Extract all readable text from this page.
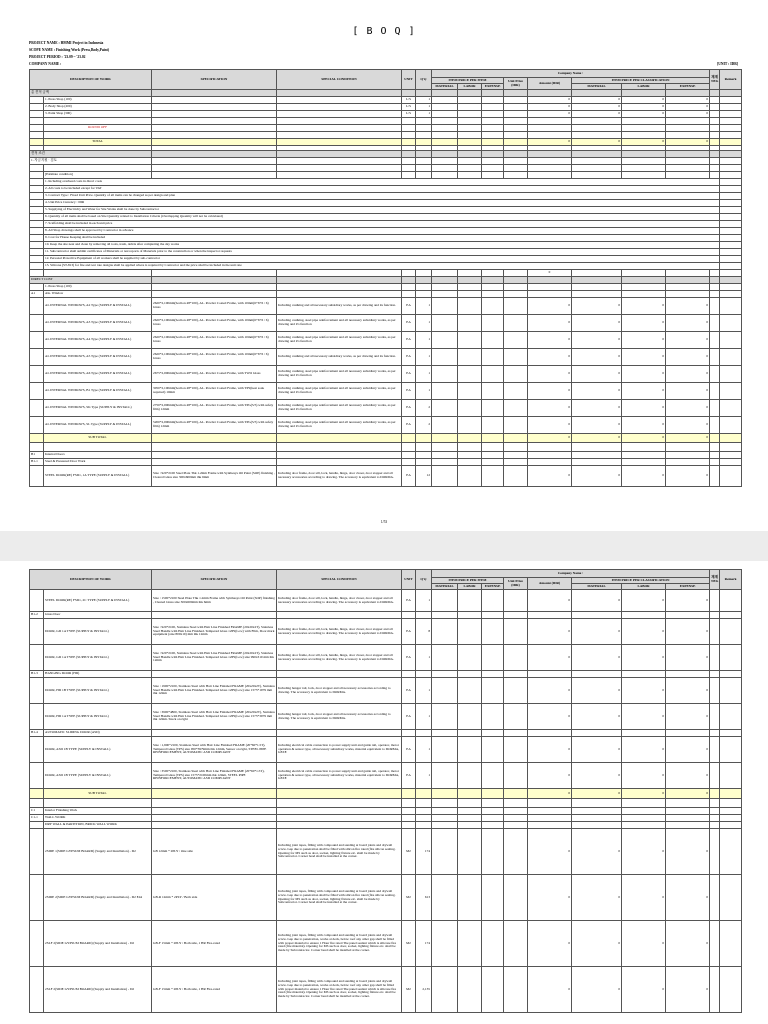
[ B O Q ]
PROJECT NAME : HMMI Project in Indonesia
SCOPE NAME : Finishing Work (Press,Body,Paint)
PROJECT PERIOD : '23.09 ~ '23.02
COMPANY NAME :	[UNIT : IDR]
DESCRIPTION OF WORK		SPECIFICATION	SPECIAL CONDITION	UNIT	Q'ty	Company Name :								재계
NEG	Remark
						ITEM PRICE PER ITEM			Unit Price (IDR)	Amount (IDR)	ITEM PRICE PER CLASSIFICATION				
						MATERIAL	LABOR	EXPENSE			MATERIAL	LABOR	EXPENSE		
총 견적 금액															
	1. Press Shop (100)			L/S	1					0	0	0	0		
	2. Body Shop (200)			L/S	1					0	0	0	0		
	3. Paint Shop (300)			L/S	1					0	0	0	0		

	ROUND OFF														

	TOTAL									0	0	0	0		

견적 조건															
1. 자금지원 · 검토															

	[Estimate condition]														
	1. Including overhead costs in direct costs														
	2. All costs to be included except for VAT														
	3. Contract Type : Fixed Unit Price. Quantity of all items can be changed as per design and plan														
	4. Unit Price Currency : IDR														
	5. Supplying of Electricity and Water for Site Works shall be done by Subcontractor														
	6. Quantity of all items shall be based on Site Quantity related to Installation Criteria (Overlapping Quantity will not be calculated)														
	7. Scaffolding shall be included in each unit price														
	8. All Shop drawings shall be approved by Contractor in advance														
	9. Cost for House Keeping shall be included														
	10. Keep the site neat and clean by removing all tools, trash, debris after completing the day works														
	11. Subcontractor shall submit certificates of Materials or test reports of Materials prior to the construction or when the inspector requests														
	12. Personal Protective Equipment of all workers shall be supplied by sub-contractor														
	13. Silicone (ST-813) for fire and wet rate designs shall be applied where is required by Contractor and the price shall be included in the unit rate														
										0					
DIRECT COST															
	1. Press Shop (100)														
A1	Alu. Window														
	AL INTERNAL WINDOWS, A2 Type (SUPPLY & INSTALL)	2620*2,100mm(Section 48*100), AL. Powder Coated Frame, with 10mm(6+6+6 / 6) Glass	Including caulking and all necessary subsidiary works, as per drawing and its function.	EA	1					0	0	0	0		
	AL INTERNAL WINDOWS, A3 Type (SUPPLY & INSTALL)	2620*2,100mm(Section 48*100), AL. Powder Coated Frame, with 10mm(6+6+6 / 6) Glass	Including caulking, steel pipe reinforcement and all necessary subsidiary works, as per drawing and it's function	EA	1					0	0	0	0		
	AL INTERNAL WINDOWS, A4 Type (SUPPLY & INSTALL)	2620*2,100mm(Section 48*100), AL. Powder Coated Frame, with 10mm(6+6+6 / 6) Glass	Including caulking, steel pipe reinforcement and all necessary subsidiary works, as per drawing and it's function	EA	1					0	0	0	0		
	AL INTERNAL WINDOWS, A5 Type (SUPPLY & INSTALL)	2620*2,100mm(Section 48*100), AL. Powder Coated Frame, with 10mm(6+6+6 / 6) Glass	Including caulking and all necessary subsidiary works, as per drawing and its function.	EA	1					0	0	0	0		
	AL INTERNAL WINDOWS, A6 Type (SUPPLY & INSTALL)	2675*2,000mm(Section 48*100), AL. Powder Coated Frame, with TWO Glass	Including caulking, steel pipe reinforcement and all necessary subsidiary works, as per drawing and it's function	EA	1					0	0	0	0		
	AL INTERNAL WINDOWS, B1 Type (SUPPLY & INSTALL)	3050*2,100mm(Section 48*100), AL. Powder Coated Frame, with TPS(heat soak required) 10mm	Including caulking, steel pipe reinforcement and all necessary subsidiary works, as per drawing and it's function	EA	1					0	0	0	0		
	AL INTERNAL WINDOWS, SK Type (SUPPLY & INSTALL)	2750*2,000mm(Section 48*100), AL. Powder Coated Frame, with TPG(5/5) with safety film) 12mm	Including caulking, steel pipe reinforcement and all necessary subsidiary works, as per drawing and it's function	EA	2					0	0	0	0		
	AL INTERNAL WINDOWS, SL Type (SUPPLY & INSTALL)	5200*2,000mm(Section 48*100), AL. Powder Coated Frame, with TPG(5/5) with safety film) 12mm	Including caulking, steel pipe reinforcement and all necessary subsidiary works, as per drawing and it's function	EA	2					0	0	0	0		
	SUB TOTAL									0	0	0	0		

B1	Internal Doors														
B1-1	Steel & Pressured Door Work														
	STEEL DOOR(RE) FSD1, 1A TYPE (SUPPLY & INSTALL)	Size : 920*2100 Steel Plate Thk 1.2mm Frame with Synthesys Oil Paint (SOP) finishing , Cleared Glass size 300x600mm thk 6mm	Including door frame, door sill, lock, handle, hinge, door closer, door stopper and all necessary accessories according to drawing. The accessory is equivalent to DORMA.	EA	12					0	0	0	0		
1/53
DESCRIPTION OF WORK		SPECIFICATION	SPECIAL CONDITION	UNIT	Q'ty	Company Name :								재계
NEG	Remark
						ITEM PRICE PER ITEM			Unit Price (IDR)	Amount (IDR)	ITEM PRICE PER CLASSIFICATION				
						MATERIAL	LABOR	EXPENSE			MATERIAL	LABOR	EXPENSE		
	STEEL DOOR(RE) FSD1, 2C TYPE (SUPPLY & INSTALL)	Size : 1500*2100 Steel Plate Thk 1.2mm Frame with Synthesys Oil Paint (SOP) finishing , Cleared Glass size 300x600mm thk 6mm	Including door frame, door sill, lock, handle, hinge, door closer, door stopper and all necessary accessories according to drawing. The accessory is equivalent to DORMA.	EA	1					0	0	0	0		
B1-2	Glass Door														
	DOOR, GD 1A TYPE (SUPPLY & INSTALL)	Size : 920*2100, Stainless Steel with Hair Line Finished FRAME (20x20x2T), Stainless Steel Handle with Hair Line Finished. Tempered Glass 12PS(Low) with Film, Door mark equipment (size 800x10) mm thk 12mm	Including door frame, door sill, lock, handle, hinge, door closer, door stopper and all necessary accessories according to drawing. The accessory is equivalent to DORMA.	EA	8					0	0	0	0		
	DOOR, GD 1A TYPE (SUPPLY & INSTALL)	Size : 920*2100, Stainless Steel with Hair Line Finished FRAME (20x20x2T), Stainless Steel Handle with Hair Line Finished. Tempered Glass 12PS(Low) size 990x310 mm thk 12mm	Including door frame, door sill, lock, handle, hinge, door closer, door stopper and all necessary accessories according to drawing. The accessory is equivalent to DORMA.	EA	1					0	0	0	0		
B1-3	HANGING DOOR (HD)														
	DOOR, HD 1B TYPE (SUPPLY & INSTALL)	Size : 1900*2100, Stainless Steel with Hair Line Finished FRAME (20x20x2T), Stainless Steel Handle with Hair Line Finished. Tempered Glass 12PS(Low) size 1575*1979 mm thk 12mm	Including hanger rail, lock, door stopper and all necessary accessories according to drawing. The accessory is equivalent to DORMA.	EA	1					0	0	0	0		
	DOOR, HD 1A TYPE (SUPPLY & INSTALL)	Size : 3900*4800, Stainless Steel with Hair Line Finished FRAME (20x20x2T), Stainless Steel Handle with Hair Line Finished. Tempered Glass 12PS(Low) size 1575*3979 mm thk 12mm. Stuck on right	Including hanger rail, lock, door stopper and all necessary accessories according to drawing. The accessory is equivalent to DORMA.	EA	1					0	0	0	0		
B1-4	AUTOMATIC SLIDING DOOR (ASD)														
	DOOR, ASD 1B TYPE (SUPPLY & INSTALL)	Size : 1,900*2100, Stainless Steel with Hair Line Finished FRAME (20*60*1.5T), Tempered Glass (TPS) size 950*3979mm thk 12mm, Sensor on right, STEEL PIPE REINFORCEMENT, AUTOMATIC ASD COMPLIANT	Including electrical cable connection to power supply unit and guide rail, operator, motor operation & sensor type, all necessary subsidiary works, material equivalent to DORMA, GEZE	EA	1					0	0	0	0		
	DOOR, ASD 1B TYPE (SUPPLY & INSTALL)	Size : 3500*2100, Stainless Steel with Hair Line Finished FRAME (20*60*1.5T), Tempered Glass (TPS) size 1575*2100mm thk 12mm, STEEL PIPE REINFORCEMENT, AUTOMATIC ASD COMPLIANT	Including electrical cable connection to power supply unit and guide rail, operator, motor operation & sensor type, all necessary subsidiary works, material equivalent to DORMA, GEZE	EA	1					0	0	0	0		
	SUB TOTAL									0	0	0	0		

C1	Interior Finishing Work														
C1-1	WALL WORK														
	DRY WALL & PARTITION, BRICK WALL WORK														
	2SIDE 1(SIDE GYPSUM BOARD) (Supply and Installation) - D2	GB 12mm * 2PLY / One side	Including joint tapes, filling with compound and sanding at board joints and drywall screw. Gap due to penetration shall be filled with silicon fire rated (fire silicon sealing. Opening for MS such as door, socket, lighting fixture etc. shall be made by Subcontractor. Corner bead shall be installed at the corner.	M2	174					0	0	0	0		
	2SIDE 2(SIDE GYPSUM BOARD) (Supply and Installation) - D2 E44	GB-R 12mm * 2PLY / Both side	Including joint tapes, filling with compound and sanding at board joints and drywall screw. Gap due to penetration shall be filled with silicon fire rated (fire silicon sealing. Opening for MS such as door, socket, lighting fixture etc. shall be made by Subcontractor. Corner bead shall be installed at the corner.	M2	613					0	0	0	0		
	2SLF 2(SIDE GYPSUM BOARD) (Supply and Installation) - D2	GB-F 15mm * 2PLY / Both side, 1 HR Fire-rated	Including joint tapes, filling with compound and sanding at board joints and drywall screw. Gap due to penetration, works at deck, below roof any other gap shall be filled with proper material to ensure 1 Hour fire rated The panel sealant which is silicone fire rated (fire material). Opening for MS such as door, socket, lighting fixture etc. shall be made by Subcontractor. Corner bead shall be installed at the corner.	M2	174					0	0	0	0		
	2SLF 2(SIDE GYPSUM BOARD) (Supply and Installation) - D2	GB-F 15mm * 2PLY / Both side, 1 HR Fire-rated	Including joint tapes, filling with compound and sanding at board joints and drywall screw. Gap due to penetration, works at deck, below roof any other gap shall be filled with proper material to ensure 1 Hour fire rated The panel sealant which is silicone fire rated (fire material). Opening for MS such as door, socket, lighting fixture etc. shall be made by Subcontractor. Corner bead shall be installed at the corner.	M2	2,135					0	0	0	0		
